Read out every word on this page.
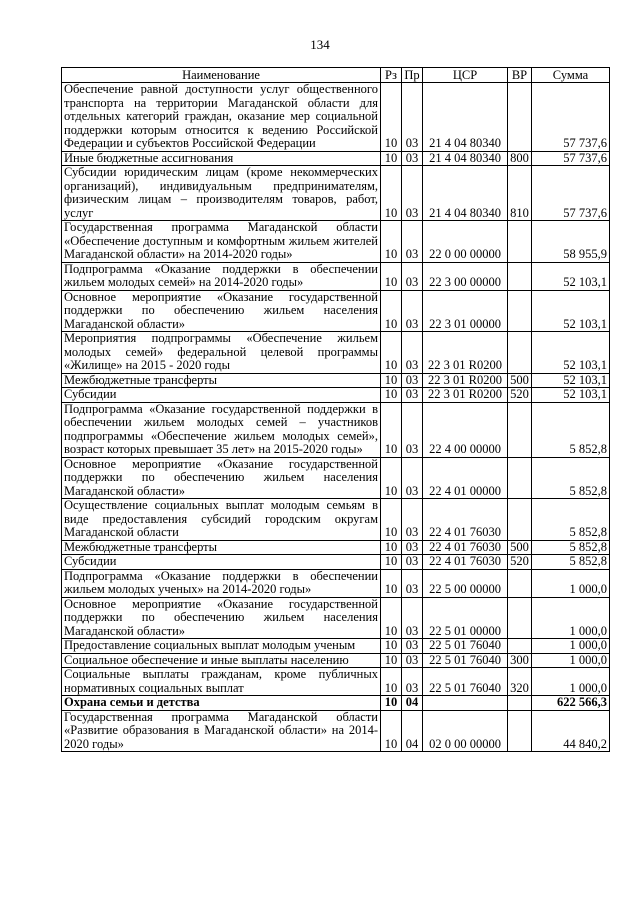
134
Наименование	Рз	Пр	ЦСР	ВР	Сумма
Обеспечение равной доступности услуг общественного транспорта на территории Магаданской области для отдельных категорий граждан, оказание мер социальной поддержки которым относится к ведению Российской Федерации и субъектов Российской Федерации	10	03	21 4 04 80340		57 737,6
Иные бюджетные ассигнования	10	03	21 4 04 80340	800	57 737,6
Субсидии юридическим лицам (кроме некоммерческих организаций), индивидуальным предпринимателям, физическим лицам – производителям товаров, работ, услуг	10	03	21 4 04 80340	810	57 737,6
Государственная программа Магаданской области «Обеспечение доступным и комфортным жильем жителей Магаданской области» на 2014-2020 годы»	10	03	22 0 00 00000		58 955,9
Подпрограмма «Оказание поддержки в обеспечении жильем молодых семей» на 2014-2020 годы»	10	03	22 3 00 00000		52 103,1
Основное мероприятие «Оказание государственной поддержки по обеспечению жильем населения Магаданской области»	10	03	22 3 01 00000		52 103,1
Мероприятия подпрограммы «Обеспечение жильем молодых семей» федеральной целевой программы «Жилище» на 2015 - 2020 годы	10	03	22 3 01 R0200		52 103,1
Межбюджетные трансферты	10	03	22 3 01 R0200	500	52 103,1
Субсидии	10	03	22 3 01 R0200	520	52 103,1
Подпрограмма «Оказание государственной поддержки в обеспечении жильем молодых семей – участников подпрограммы «Обеспечение жильем молодых семей», возраст которых превышает 35 лет» на 2015-2020 годы»	10	03	22 4 00 00000		5 852,8
Основное мероприятие «Оказание государственной поддержки по обеспечению жильем населения Магаданской области»	10	03	22 4 01 00000		5 852,8
Осуществление социальных выплат молодым семьям в виде предоставления субсидий городским округам Магаданской области	10	03	22 4 01 76030		5 852,8
Межбюджетные трансферты	10	03	22 4 01 76030	500	5 852,8
Субсидии	10	03	22 4 01 76030	520	5 852,8
Подпрограмма «Оказание поддержки в обеспечении жильем молодых ученых» на 2014-2020 годы»	10	03	22 5 00 00000		1 000,0
Основное мероприятие «Оказание государственной поддержки по обеспечению жильем населения Магаданской области»	10	03	22 5 01 00000		1 000,0
Предоставление социальных выплат молодым ученым	10	03	22 5 01 76040		1 000,0
Социальное обеспечение и иные выплаты населению	10	03	22 5 01 76040	300	1 000,0
Социальные выплаты гражданам, кроме публичных нормативных социальных выплат	10	03	22 5 01 76040	320	1 000,0
Охрана семьи и детства	10	04			622 566,3
Государственная программа Магаданской области «Развитие образования в Магаданской области» на 2014-2020 годы»	10	04	02 0 00 00000		44 840,2
